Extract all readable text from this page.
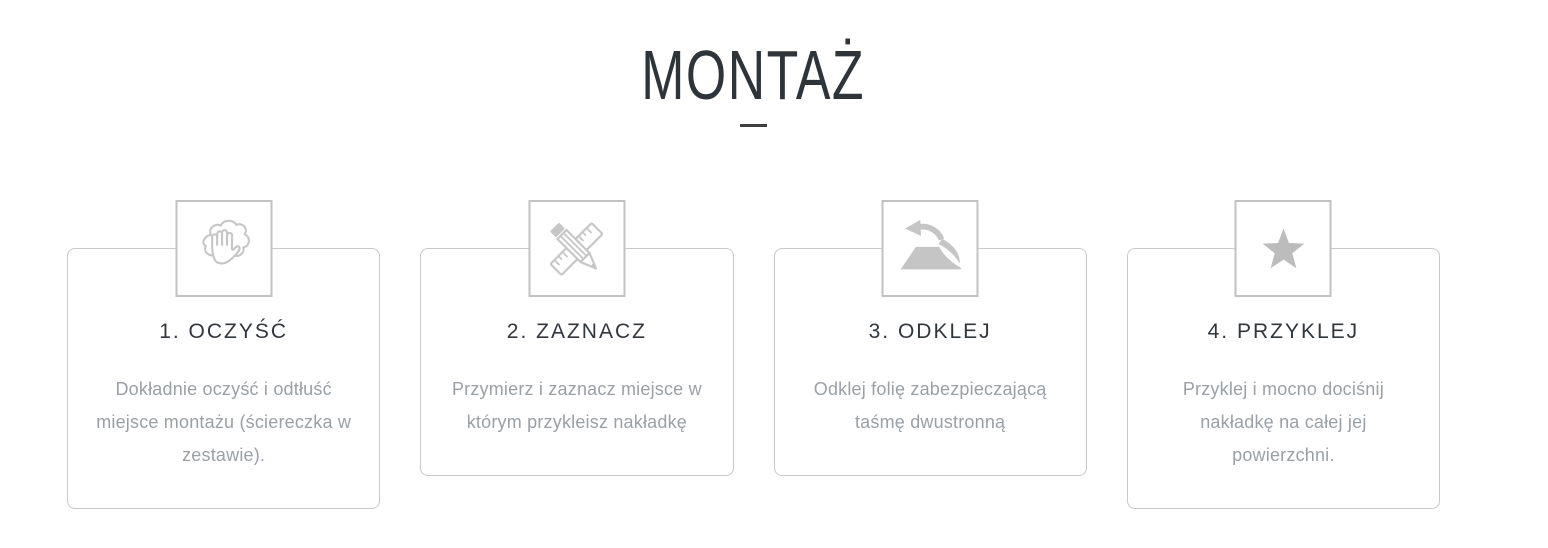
MONTAŻ
1. OCZYŚĆ
Dokładnie oczyść i odtłuść
miejsce montażu (ściereczka w
zestawie).
2. ZAZNACZ
Przymierz i zaznacz miejsce w
którym przykleisz nakładkę
3. ODKLEJ
Odklej folię zabezpieczającą
taśmę dwustronną
4. PRZYKLEJ
Przyklej i mocno dociśnij
nakładkę na całej jej
powierzchni.
